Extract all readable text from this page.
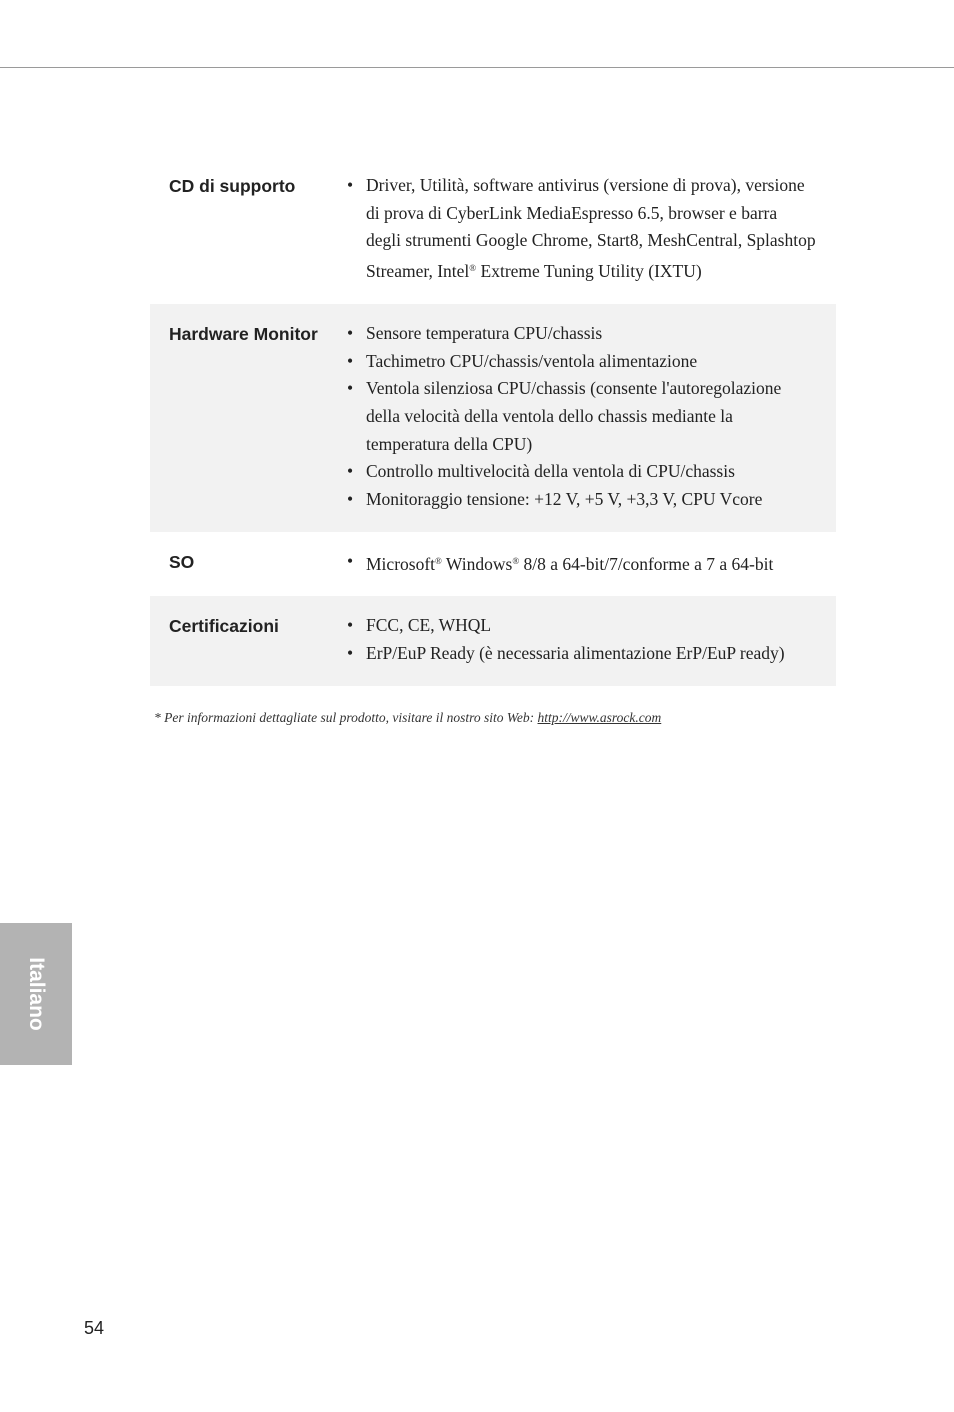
CD di supporto	• Driver, Utilità, software antivirus (versione di prova), versione di prova di CyberLink MediaEspresso 6.5, browser e barra degli strumenti Google Chrome, Start8, MeshCentral, Splashtop Streamer, Intel® Extreme Tuning Utility (IXTU)
Hardware Monitor	• Sensore temperatura CPU/chassis
• Tachimetro CPU/chassis/ventola alimentazione
• Ventola silenziosa CPU/chassis (consente l'autoregolazione della velocità della ventola dello chassis mediante la temperatura della CPU)
• Controllo multivelocità della ventola di CPU/chassis
• Monitoraggio tensione: +12 V, +5 V, +3,3 V, CPU Vcore
SO	• Microsoft® Windows® 8/8 a 64-bit/7/conforme a 7 a 64-bit
Certificazioni	• FCC, CE, WHQL
• ErP/EuP Ready (è necessaria alimentazione ErP/EuP ready)
* Per informazioni dettagliate sul prodotto, visitare il nostro sito Web: http://www.asrock.com
Italiano
54
